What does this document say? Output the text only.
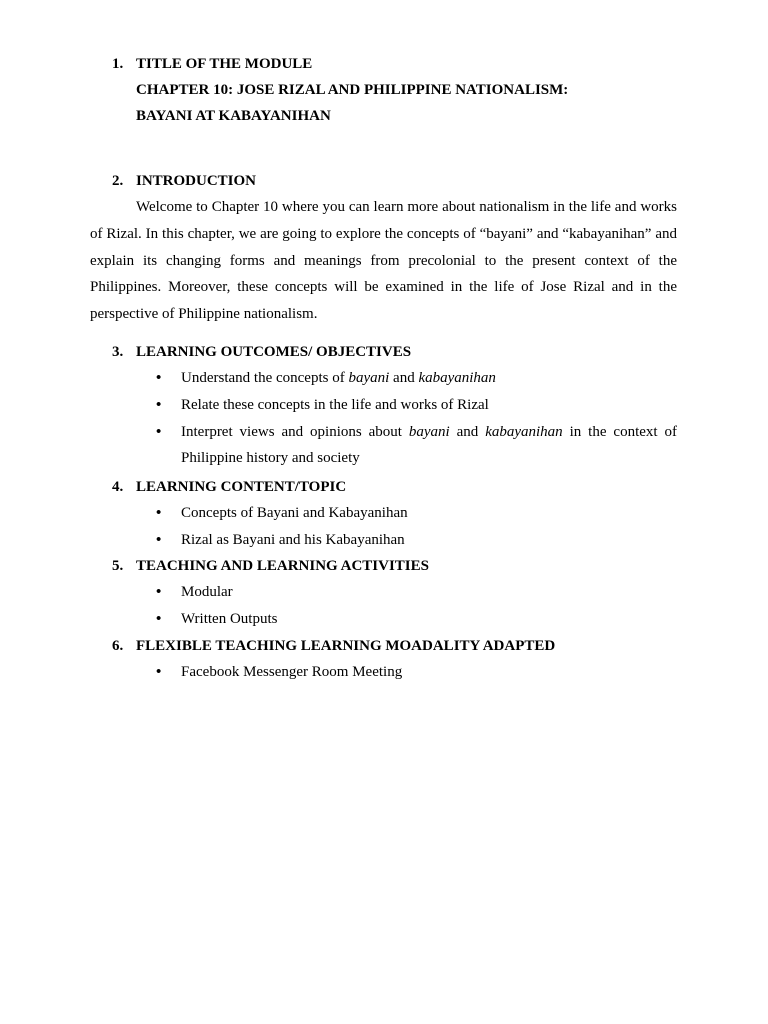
1. TITLE OF THE MODULE
CHAPTER 10: JOSE RIZAL AND PHILIPPINE NATIONALISM:
BAYANI AT KABAYANIHAN
2. INTRODUCTION

Welcome to Chapter 10 where you can learn more about nationalism in the life and works of Rizal. In this chapter, we are going to explore the concepts of “bayani” and “kabayanihan” and explain its changing forms and meanings from precolonial to the present context of the Philippines. Moreover, these concepts will be examined in the life of Jose Rizal and in the perspective of Philippine nationalism.

3. LEARNING OUTCOMES/ OBJECTIVES
• Understand the concepts of bayani and kabayanihan
• Relate these concepts in the life and works of Rizal
• Interpret views and opinions about bayani and kabayanihan in the context of Philippine history and society
4. LEARNING CONTENT/TOPIC
• Concepts of Bayani and Kabayanihan
• Rizal as Bayani and his Kabayanihan
5. TEACHING AND LEARNING ACTIVITIES
• Modular
• Written Outputs
6. FLEXIBLE TEACHING LEARNING MOADALITY ADAPTED
• Facebook Messenger Room Meeting
